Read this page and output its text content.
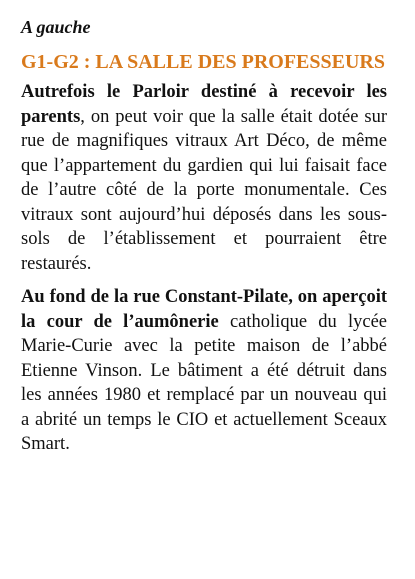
A gauche

G1-G2 : LA SALLE DES PROFESSEURS

Autrefois le Parloir destiné à recevoir les parents, on peut voir que la salle était dotée sur rue de magnifiques vitraux Art Déco, de même que l’appartement du gardien qui lui faisait face de l’autre côté de la porte monumentale. Ces vitraux sont aujourd’hui déposés dans les sous-sols de l’établissement et pourraient être restaurés.

Au fond de la rue Constant-Pilate, on aperçoit la cour de l’aumônerie catholique du lycée Marie-Curie avec la petite maison de l’abbé Etienne Vinson. Le bâtiment a été détruit dans les années 1980 et remplacé par un nouveau qui a abrité un temps le CIO et actuellement Sceaux Smart.
